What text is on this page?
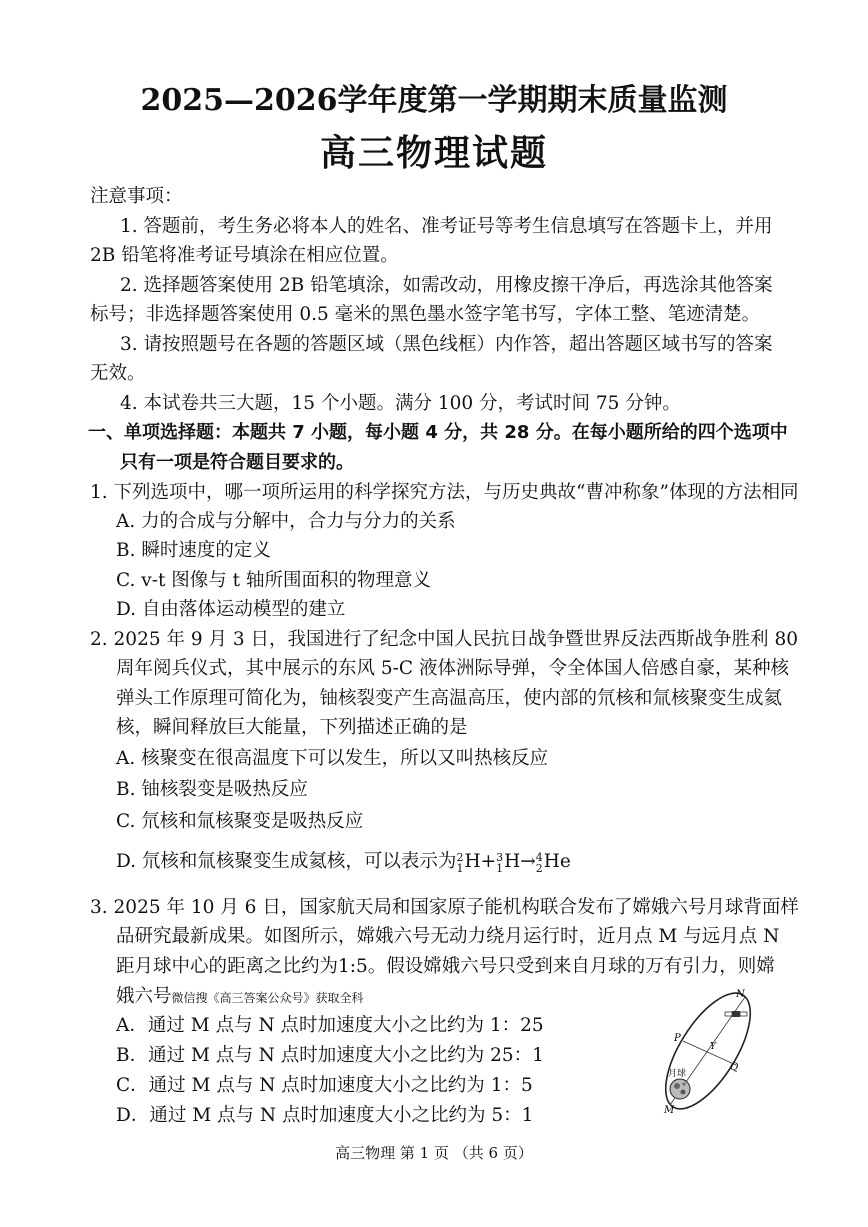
2025—2026学年度第一学期期末质量监测
高三物理试题
注意事项：
1. 答题前，考生务必将本人的姓名、准考证号等考生信息填写在答题卡上，并用
2B 铅笔将准考证号填涂在相应位置。
2. 选择题答案使用 2B 铅笔填涂，如需改动，用橡皮擦干净后，再选涂其他答案
标号；非选择题答案使用 0.5 毫米的黑色墨水签字笔书写，字体工整、笔迹清楚。
3. 请按照题号在各题的答题区域（黑色线框）内作答，超出答题区域书写的答案
无效。
4. 本试卷共三大题，15 个小题。满分 100 分，考试时间 75 分钟。
一、单项选择题：本题共 7 小题，每小题 4 分，共 28 分。在每小题所给的四个选项中
只有一项是符合题目要求的。
1. 下列选项中，哪一项所运用的科学探究方法，与历史典故“曹冲称象”体现的方法相同
A. 力的合成与分解中，合力与分力的关系
B. 瞬时速度的定义
C. v-t 图像与 t 轴所围面积的物理意义
D. 自由落体运动模型的建立
2. 2025 年 9 月 3 日，我国进行了纪念中国人民抗日战争暨世界反法西斯战争胜利 80
周年阅兵仪式，其中展示的东风 5-C 液体洲际导弹，令全体国人倍感自豪，某种核
弹头工作原理可简化为，铀核裂变产生高温高压，使内部的氘核和氚核聚变生成氦
核，瞬间释放巨大能量，下列描述正确的是
A. 核聚变在很高温度下可以发生，所以又叫热核反应
B. 铀核裂变是吸热反应
C. 氘核和氚核聚变是吸热反应
D. 氘核和氚核聚变生成氦核，可以表示为 2
1 H+ 3
1 H→ 4
2 He
3. 2025 年 10 月 6 日，国家航天局和国家原子能机构联合发布了嫦娥六号月球背面样
品研究最新成果。如图所示，嫦娥六号无动力绕月运行时，近月点 M 与远月点 N
距月球中心的距离之比约为1:5。假设嫦娥六号只受到来自月球的万有引力，则嫦
娥六号微信搜《高三答案公众号》获取全科
A．通过 M 点与 N 点时加速度大小之比约为 1：25
B．通过 M 点与 N 点时加速度大小之比约为 25：1
C．通过 M 点与 N 点时加速度大小之比约为 1：5
D．通过 M 点与 N 点时加速度大小之比约为 5：1
N
P
Y
Q
月球
M
高三物理 第 1 页 （共 6 页）
